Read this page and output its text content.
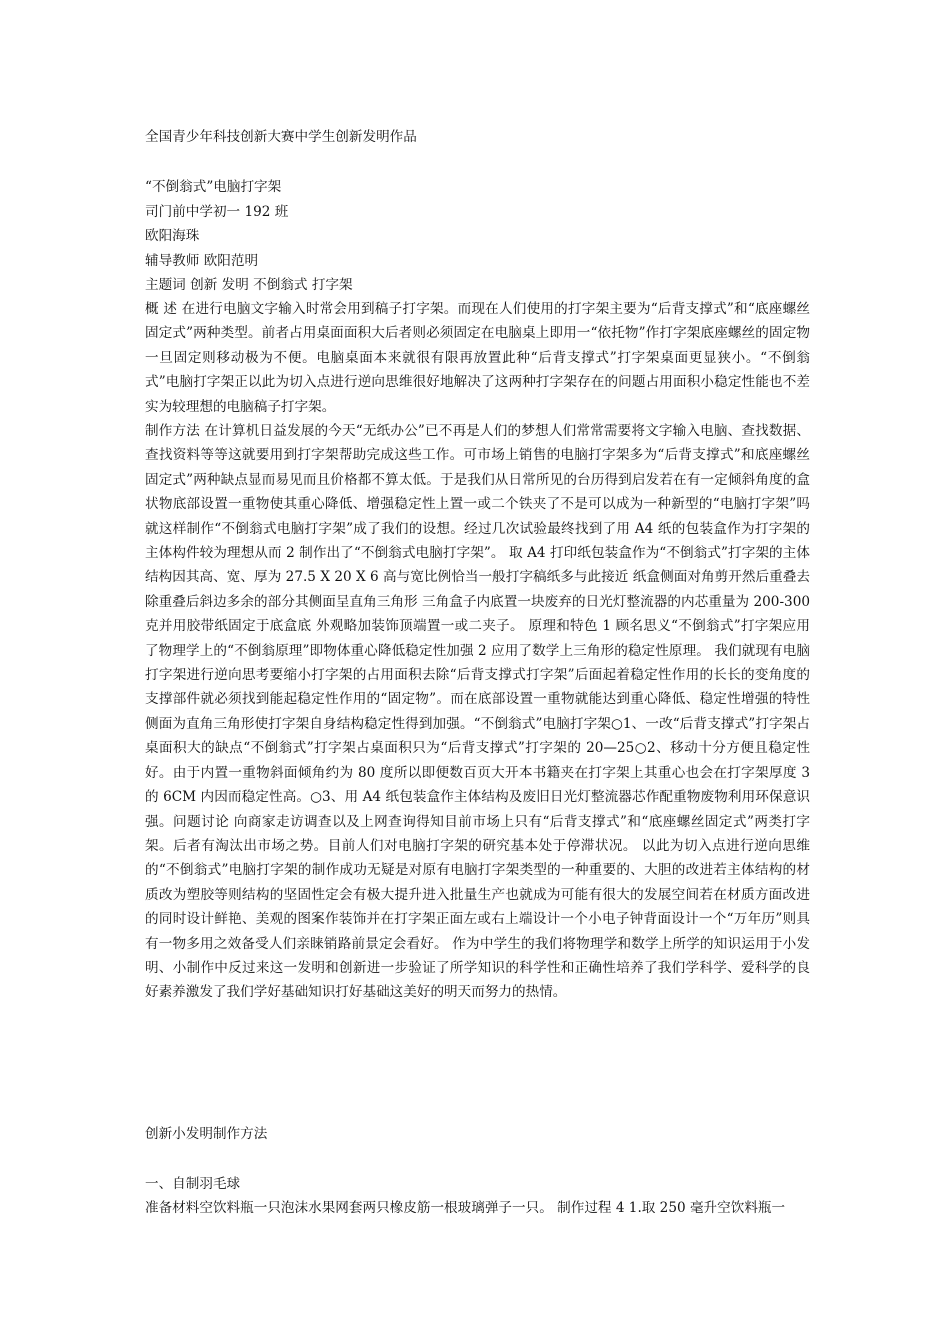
全国青少年科技创新大赛中学生创新发明作品
“不倒翁式”电脑打字架
司门前中学初一 192 班
欧阳海珠
辅导教师 欧阳范明
主题词 创新 发明 不倒翁式 打字架
概 述 在进行电脑文字输入时常会用到稿子打字架。而现在人们使用的打字架主要为“后背支撑式”和“底座螺丝固定式”两种类型。前者占用桌面面积大后者则必须固定在电脑桌上即用一“依托物”作打字架底座螺丝的固定物一旦固定则移动极为不便。电脑桌面本来就很有限再放置此种“后背支撑式”打字架桌面更显狭小。“不倒翁式”电脑打字架正以此为切入点进行逆向思维很好地解决了这两种打字架存在的问题占用面积小稳定性能也不差实为较理想的电脑稿子打字架。
制作方法 在计算机日益发展的今天“无纸办公”已不再是人们的梦想人们常常需要将文字输入电脑、查找数据、查找资料等等这就要用到打字架帮助完成这些工作。可市场上销售的电脑打字架多为“后背支撑式”和底座螺丝固定式”两种缺点显而易见而且价格都不算太低。于是我们从日常所见的台历得到启发若在有一定倾斜角度的盒状物底部设置一重物使其重心降低、增强稳定性上置一或二个铁夹了不是可以成为一种新型的“电脑打字架”吗就这样制作“不倒翁式电脑打字架”成了我们的设想。经过几次试验最终找到了用 A4 纸的包装盒作为打字架的主体构件较为理想从而 2 制作出了“不倒翁式电脑打字架”。 取 A4 打印纸包装盒作为“不倒翁式”打字架的主体结构因其高、宽、厚为 27.5 X 20 X 6 高与宽比例恰当一般打字稿纸多与此接近 纸盒侧面对角剪开然后重叠去除重叠后斜边多余的部分其侧面呈直角三角形 三角盒子内底置一块废弃的日光灯整流器的内芯重量为 200-300 克并用胶带纸固定于底盒底 外观略加装饰顶端置一或二夹子。 原理和特色 1 顾名思义“不倒翁式”打字架应用了物理学上的“不倒翁原理”即物体重心降低稳定性加强 2 应用了数学上三角形的稳定性原理。 我们就现有电脑打字架进行逆向思考要缩小打字架的占用面积去除“后背支撑式打字架”后面起着稳定性作用的长长的变角度的支撑部件就必须找到能起稳定性作用的“固定物”。而在底部设置一重物就能达到重心降低、稳定性增强的特性侧面为直角三角形使打字架自身结构稳定性得到加强。“不倒翁式”电脑打字架○1、一改“后背支撑式”打字架占桌面积大的缺点“不倒翁式”打字架占桌面积只为“后背支撑式”打字架的 20—25○2、移动十分方便且稳定性好。由于内置一重物斜面倾角约为 80 度所以即便数百页大开本书籍夹在打字架上其重心也会在打字架厚度 3 的 6CM 内因而稳定性高。○3、用 A4 纸包装盒作主体结构及废旧日光灯整流器芯作配重物废物利用环保意识强。问题讨论 向商家走访调查以及上网查询得知目前市场上只有“后背支撑式”和“底座螺丝固定式”两类打字架。后者有淘汰出市场之势。目前人们对电脑打字架的研究基本处于停滞状况。 以此为切入点进行逆向思维的“不倒翁式”电脑打字架的制作成功无疑是对原有电脑打字架类型的一种重要的、大胆的改进若主体结构的材质改为塑胶等则结构的坚固性定会有极大提升进入批量生产也就成为可能有很大的发展空间若在材质方面改进的同时设计鲜艳、美观的图案作装饰并在打字架正面左或右上端设计一个小电子钟背面设计一个“万年历”则具有一物多用之效备受人们亲睐销路前景定会看好。 作为中学生的我们将物理学和数学上所学的知识运用于小发明、小制作中反过来这一发明和创新进一步验证了所学知识的科学性和正确性培养了我们学科学、爱科学的良好素养激发了我们学好基础知识打好基础这美好的明天而努力的热情。
创新小发明制作方法
一、自制羽毛球
准备材料空饮料瓶一只泡沫水果网套两只橡皮筋一根玻璃弹子一只。 制作过程 4 1.取 250 毫升空饮料瓶一
